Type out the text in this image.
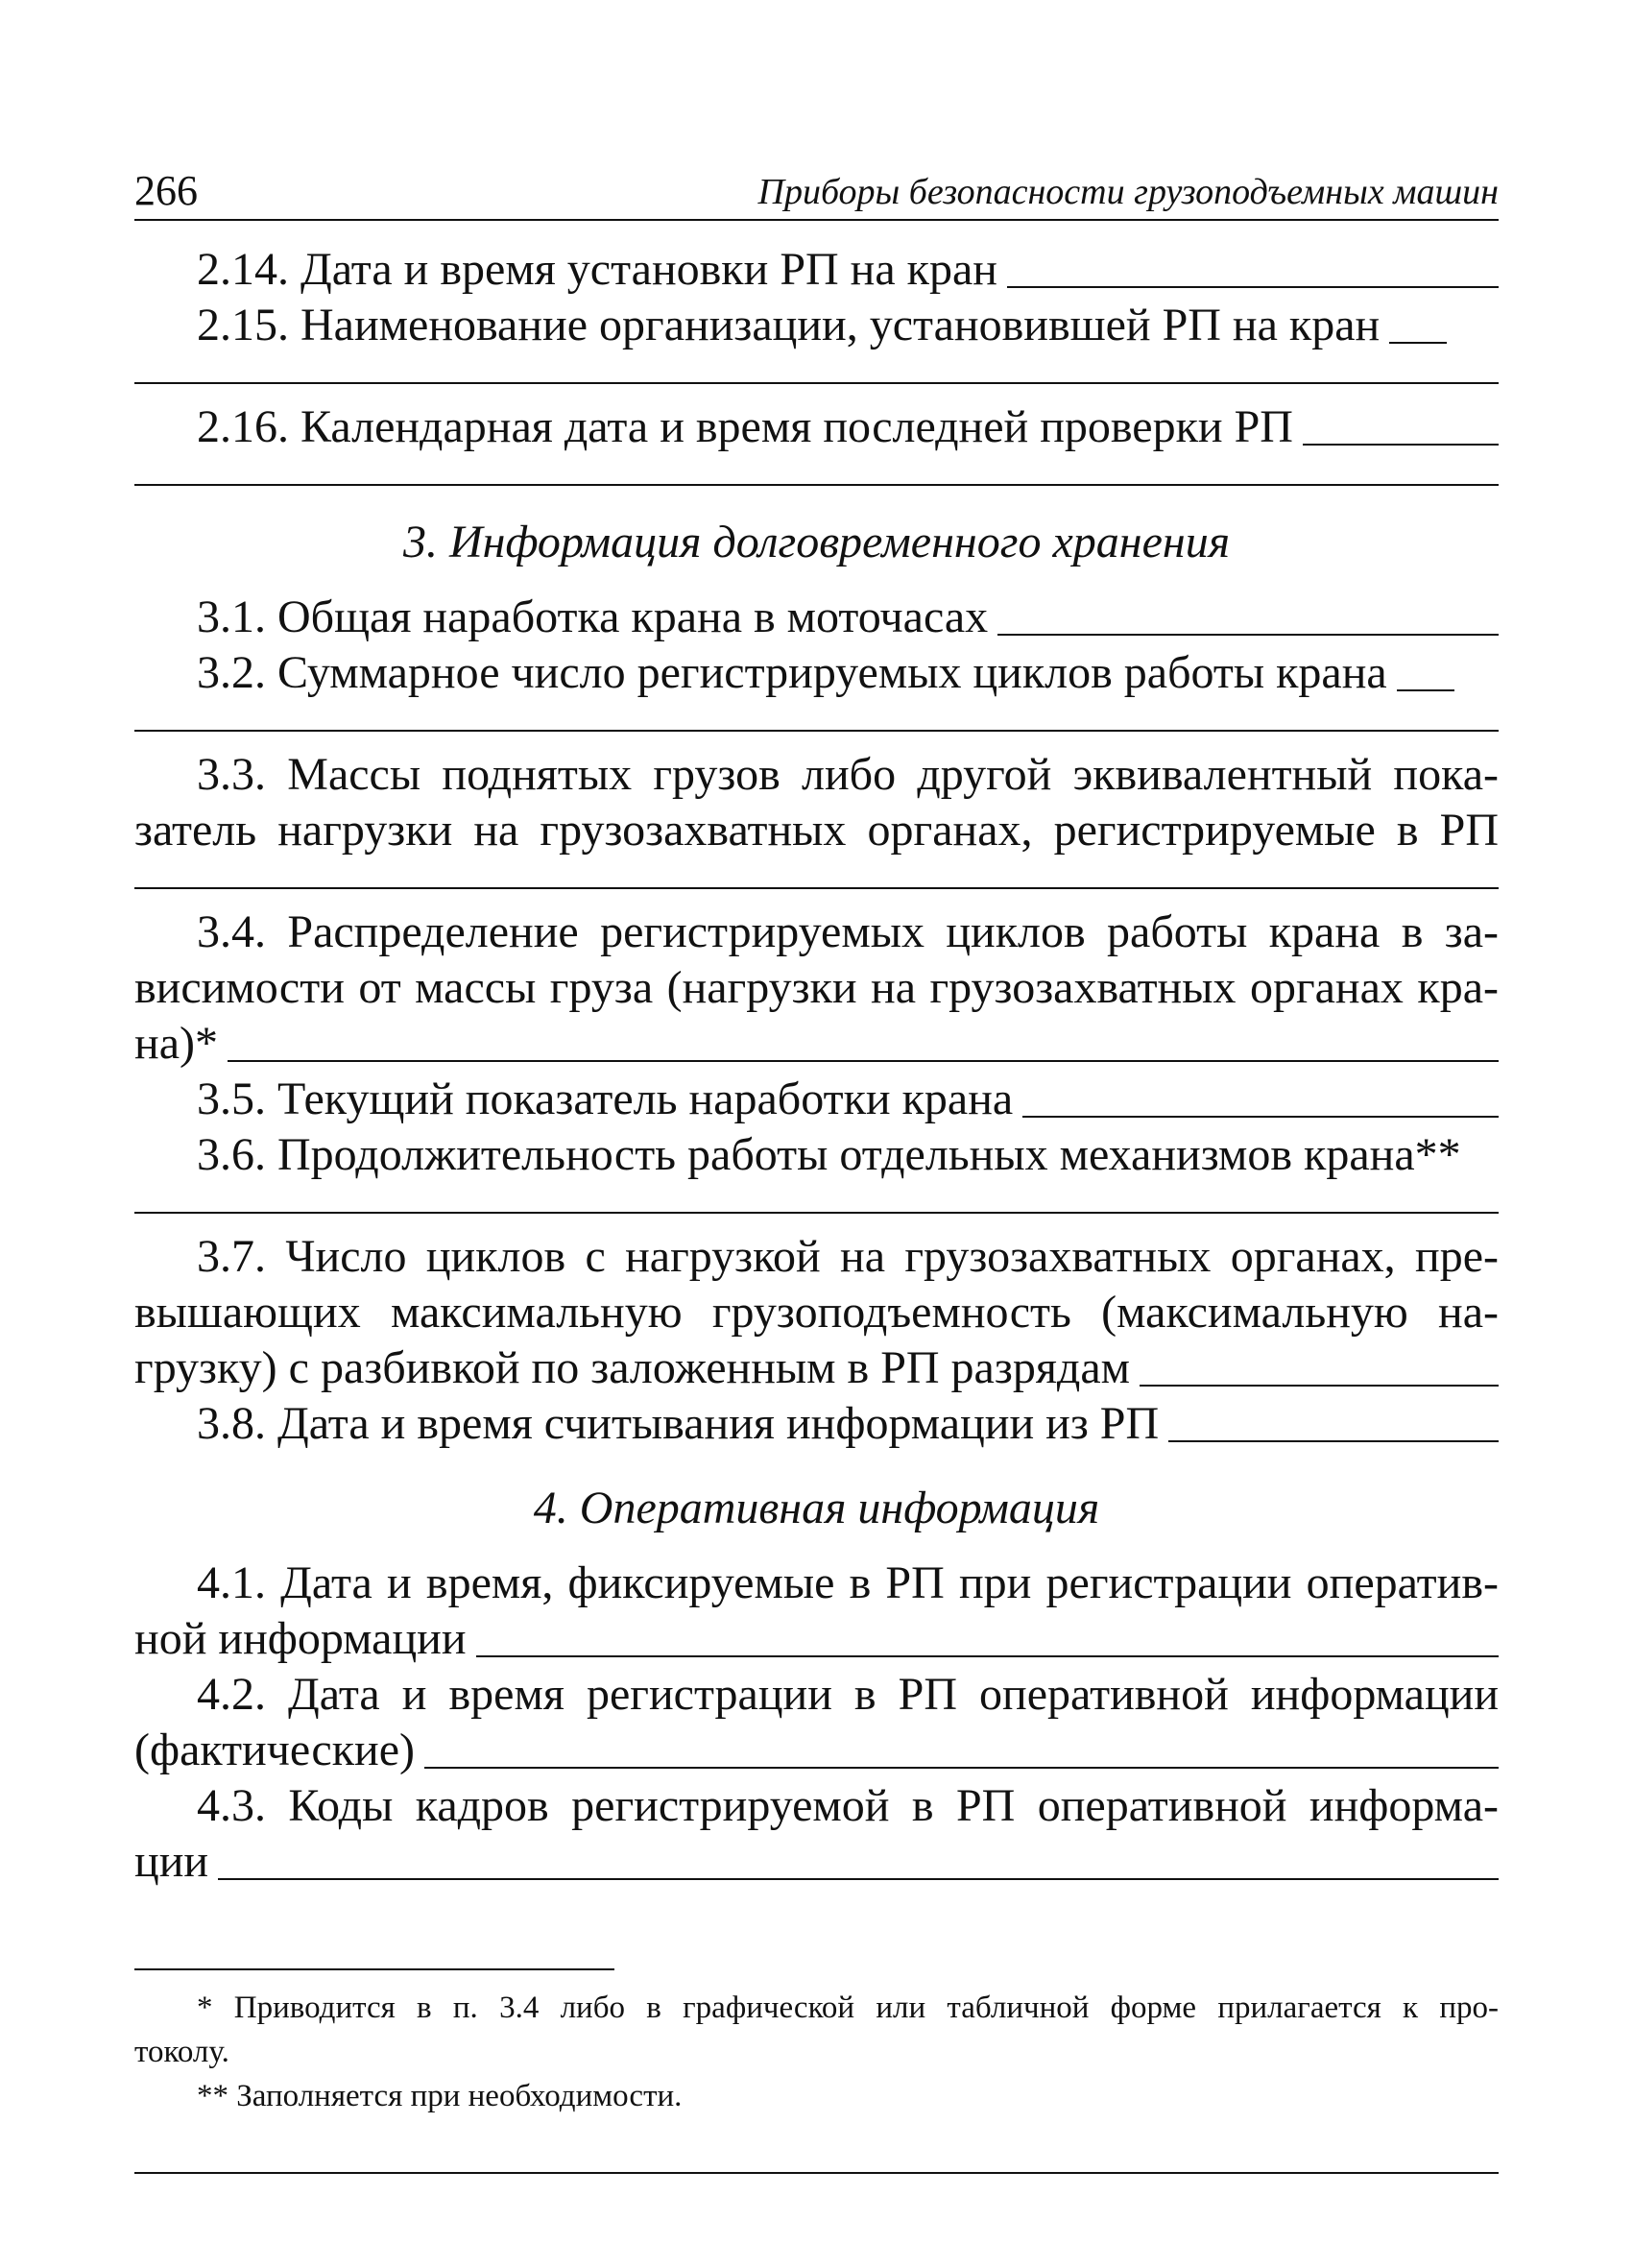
266	Приборы безопасности грузоподъемных машин
2.14. Дата и время установки РП на кран
2.15. Наименование организации, установившей РП на кран
2.16. Календарная дата и время последней проверки РП
3. Информация долговременного хранения
3.1. Общая наработка крана в моточасах
3.2. Суммарное число регистрируемых циклов работы крана
3.3. Массы поднятых грузов либо другой эквивалентный пока-
затель нагрузки на грузозахватных органах, регистрируемые в РП
3.4. Распределение регистрируемых циклов работы крана в за-
висимости от массы груза (нагрузки на грузозахватных органах кра-
на)*
3.5. Текущий показатель наработки крана
3.6. Продолжительность работы отдельных механизмов крана**
3.7. Число циклов с нагрузкой на грузозахватных органах, пре-
вышающих максимальную грузоподъемность (максимальную на-
грузку) с разбивкой по заложенным в РП разрядам
3.8. Дата и время считывания информации из РП
4. Оперативная информация
4.1. Дата и время, фиксируемые в РП при регистрации оператив-
ной информации
4.2. Дата и время регистрации в РП оперативной информации
(фактические)
4.3. Коды кадров регистрируемой в РП оперативной информа-
ции
* Приводится в п. 3.4 либо в графической или табличной форме прилагается к про-
токолу.
** Заполняется при необходимости.
